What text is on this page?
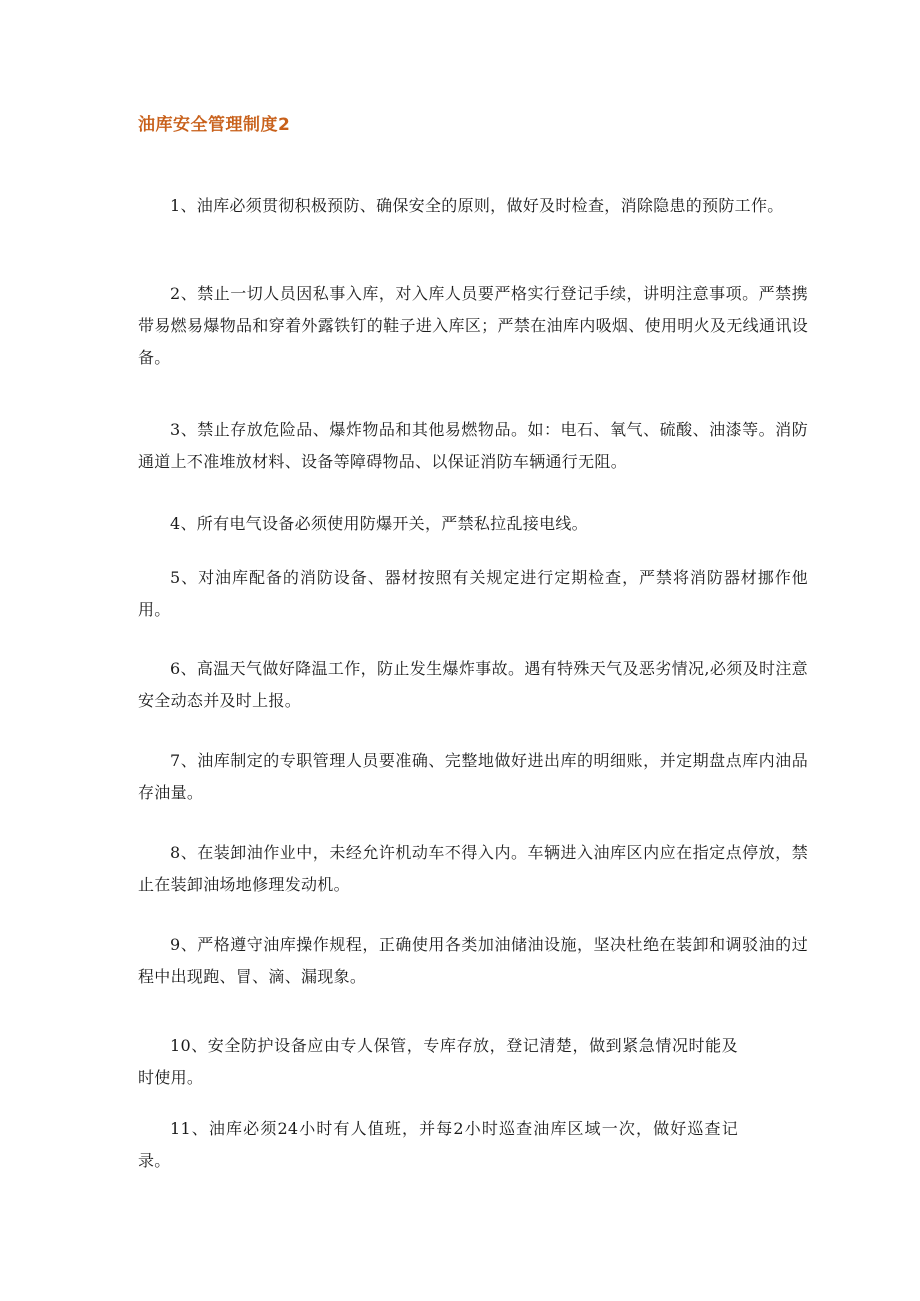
油库安全管理制度2

1、油库必须贯彻积极预防、确保安全的原则，做好及时检查，消除隐患的预防工作。

2、禁止一切人员因私事入库，对入库人员要严格实行登记手续，讲明注意事项。严禁携带易燃易爆物品和穿着外露铁钉的鞋子进入库区；严禁在油库内吸烟、使用明火及无线通讯设备。

3、禁止存放危险品、爆炸物品和其他易燃物品。如：电石、氧气、硫酸、油漆等。消防通道上不准堆放材料、设备等障碍物品、以保证消防车辆通行无阻。

4、所有电气设备必须使用防爆开关，严禁私拉乱接电线。

5、对油库配备的消防设备、器材按照有关规定进行定期检查，严禁将消防器材挪作他用。

6、高温天气做好降温工作，防止发生爆炸事故。遇有特殊天气及恶劣情况,必须及时注意安全动态并及时上报。

7、油库制定的专职管理人员要准确、完整地做好进出库的明细账，并定期盘点库内油品存油量。

8、在装卸油作业中，未经允许机动车不得入内。车辆进入油库区内应在指定点停放，禁止在装卸油场地修理发动机。

9、严格遵守油库操作规程，正确使用各类加油储油设施，坚决杜绝在装卸和调驳油的过程中出现跑、冒、滴、漏现象。

10、安全防护设备应由专人保管，专库存放，登记清楚，做到紧急情况时能及时使用。

11、油库必须24小时有人值班，并每2小时巡查油库区域一次，做好巡查记录。
